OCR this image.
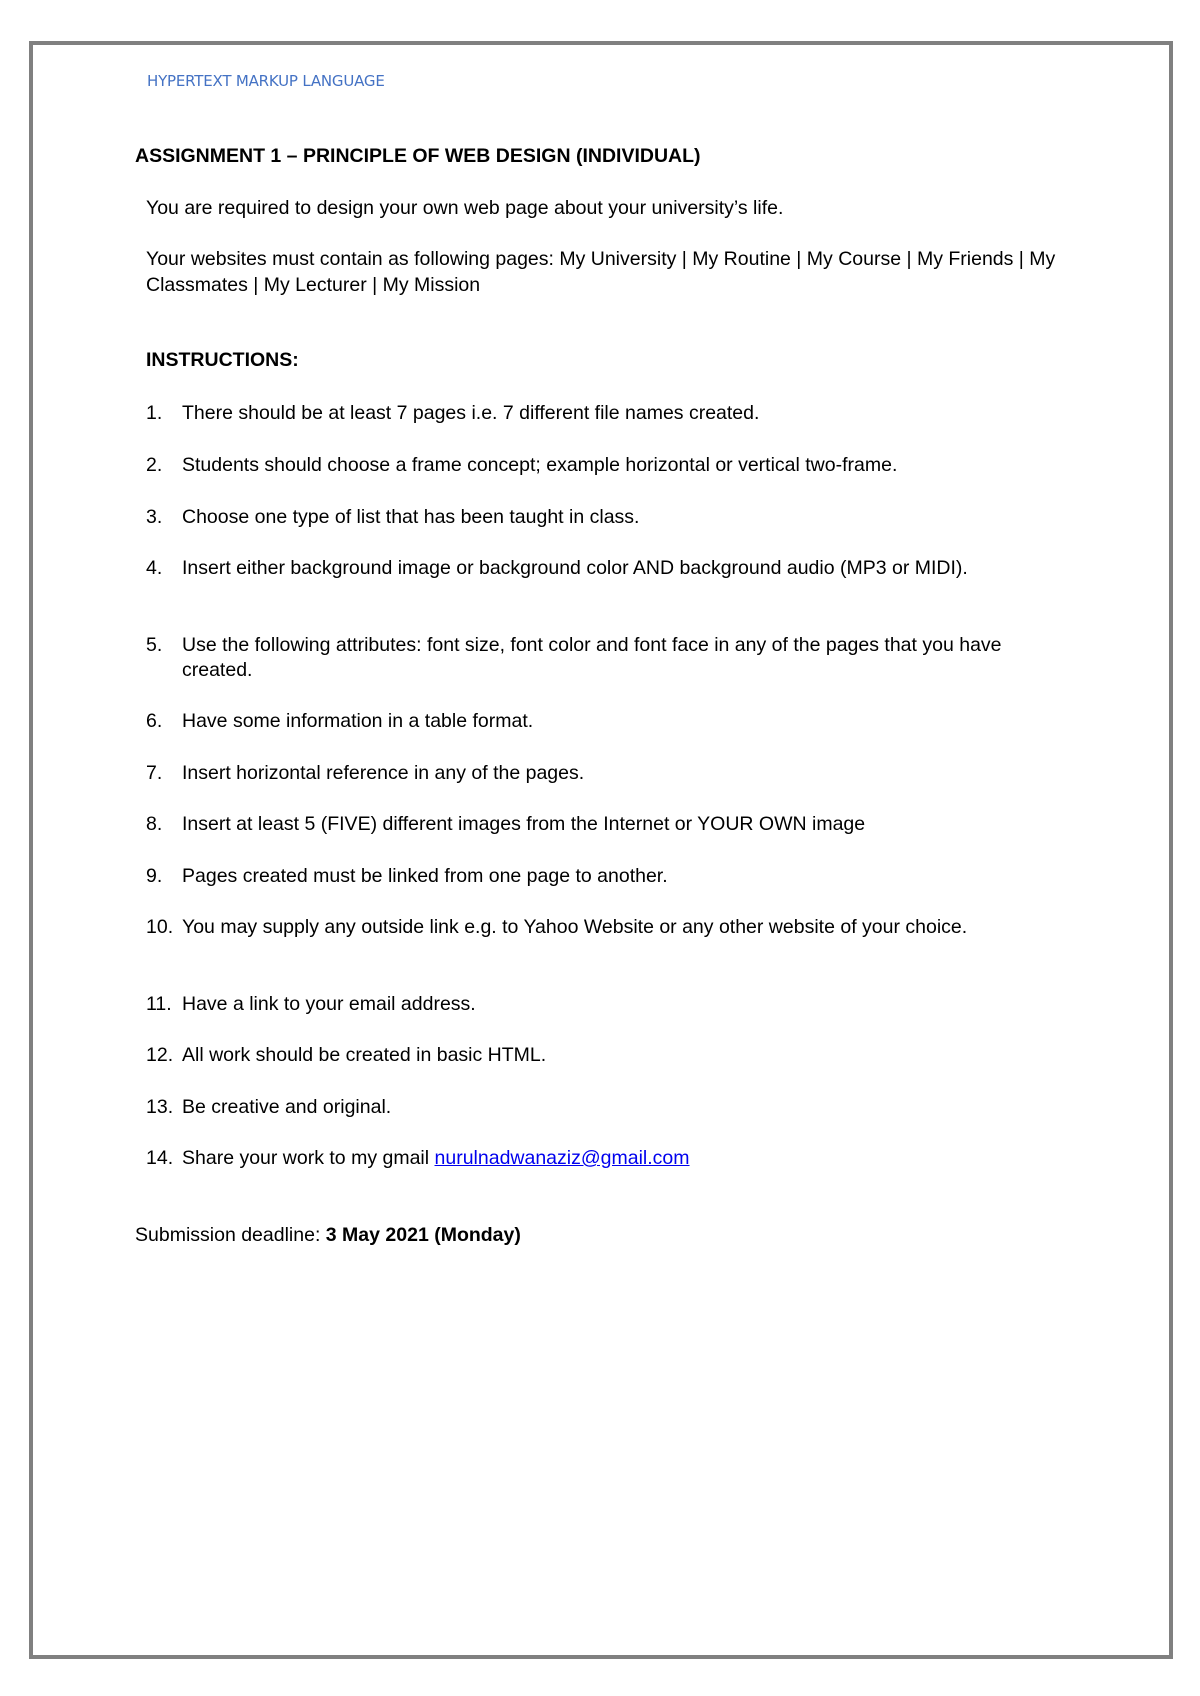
HYPERTEXT MARKUP LANGUAGE
ASSIGNMENT 1 – PRINCIPLE OF WEB DESIGN (INDIVIDUAL)
You are required to design your own web page about your university’s life.
Your websites must contain as following pages: My University | My Routine | My Course | My Friends | My Classmates | My Lecturer | My Mission
INSTRUCTIONS:
1.	There should be at least 7 pages i.e. 7 different file names created.
2.	Students should choose a frame concept; example horizontal or vertical two-frame.
3.	Choose one type of list that has been taught in class.
4.	Insert either background image or background color AND background audio (MP3 or MIDI).
5.	Use the following attributes: font size, font color and font face in any of the pages that you have created.
6.	Have some information in a table format.
7.	Insert horizontal reference in any of the pages.
8.	Insert at least 5 (FIVE) different images from the Internet or YOUR OWN image
9.	Pages created must be linked from one page to another.
10. You may supply any outside link e.g. to Yahoo Website or any other website of your choice.
11. Have a link to your email address.
12. All work should be created in basic HTML.
13. Be creative and original.
14. Share your work to my gmail nurulnadwanaziz@gmail.com
Submission deadline: 3 May 2021 (Monday)
